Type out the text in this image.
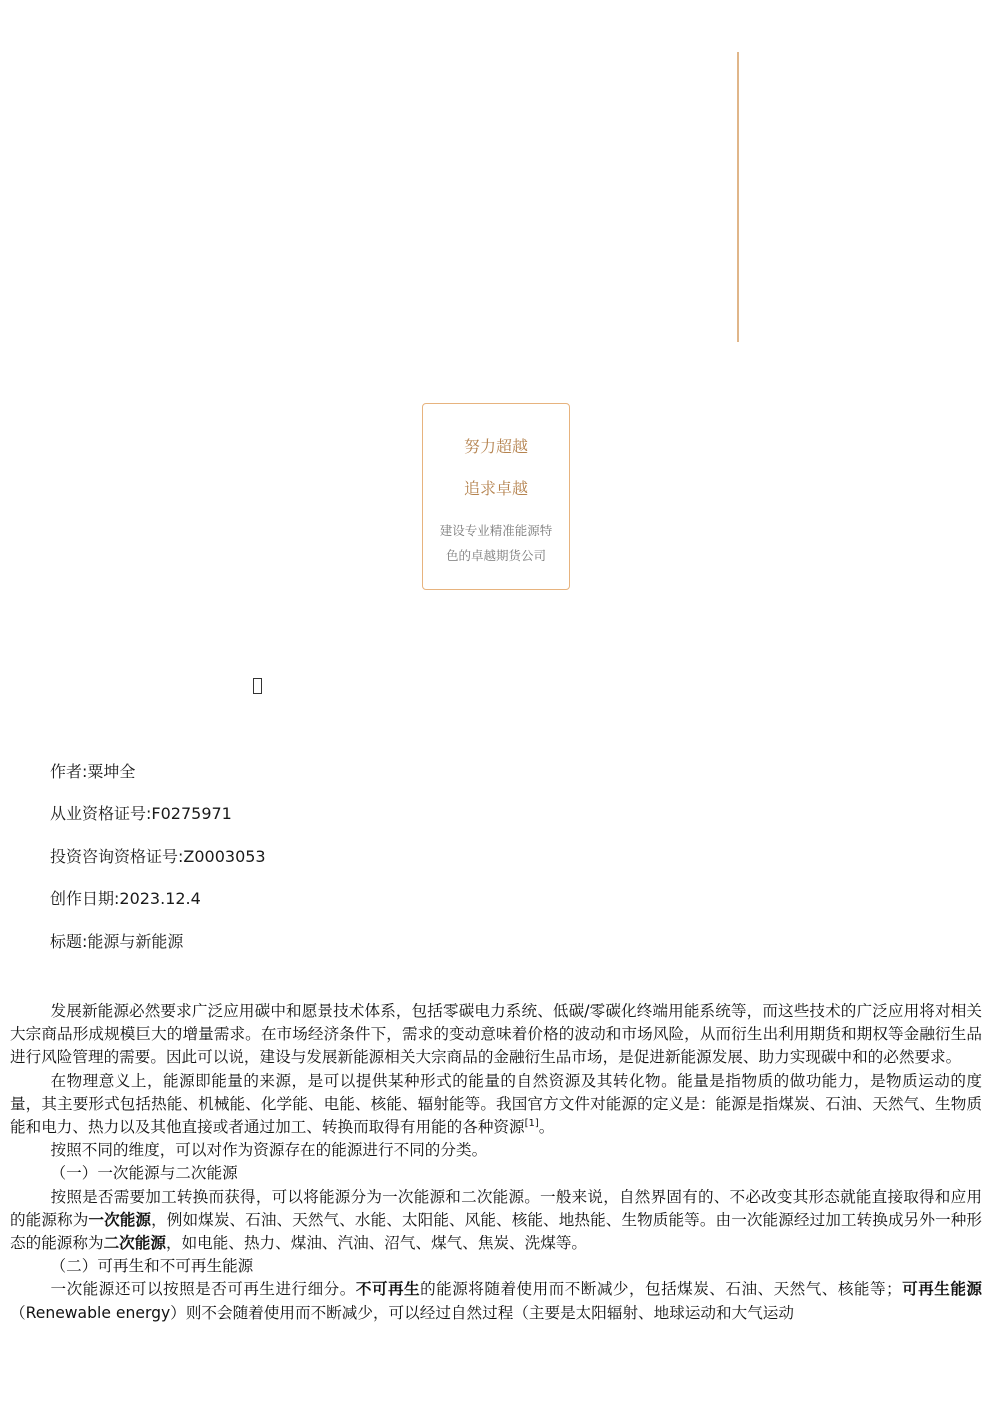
努力超越
追求卓越
建设专业精准能源特
色的卓越期货公司
作者:粟坤全
从业资格证号:F0275971
投资咨询资格证号:Z0003053
创作日期:2023.12.4
标题:能源与新能源

发展新能源必然要求广泛应用碳中和愿景技术体系，包括零碳电力系统、低碳/零碳化终端用能系统等，而这些技术的广泛应用将对相关大宗商品形成规模巨大的增量需求。在市场经济条件下，需求的变动意味着价格的波动和市场风险，从而衍生出利用期货和期权等金融衍生品进行风险管理的需要。因此可以说，建设与发展新能源相关大宗商品的金融衍生品市场，是促进新能源发展、助力实现碳中和的必然要求。

在物理意义上，能源即能量的来源，是可以提供某种形式的能量的自然资源及其转化物。能量是指物质的做功能力，是物质运动的度量，其主要形式包括热能、机械能、化学能、电能、核能、辐射能等。我国官方文件对能源的定义是：能源是指煤炭、石油、天然气、生物质能和电力、热力以及其他直接或者通过加工、转换而取得有用能的各种资源[1]。

按照不同的维度，可以对作为资源存在的能源进行不同的分类。

（一）一次能源与二次能源

按照是否需要加工转换而获得，可以将能源分为一次能源和二次能源。一般来说，自然界固有的、不必改变其形态就能直接取得和应用的能源称为一次能源，例如煤炭、石油、天然气、水能、太阳能、风能、核能、地热能、生物质能等。由一次能源经过加工转换成另外一种形态的能源称为二次能源，如电能、热力、煤油、汽油、沼气、煤气、焦炭、洗煤等。

（二）可再生和不可再生能源

一次能源还可以按照是否可再生进行细分。不可再生的能源将随着使用而不断减少，包括煤炭、石油、天然气、核能等；可再生能源（Renewable energy）则不会随着使用而不断减少，可以经过自然过程（主要是太阳辐射、地球运动和大气运动
